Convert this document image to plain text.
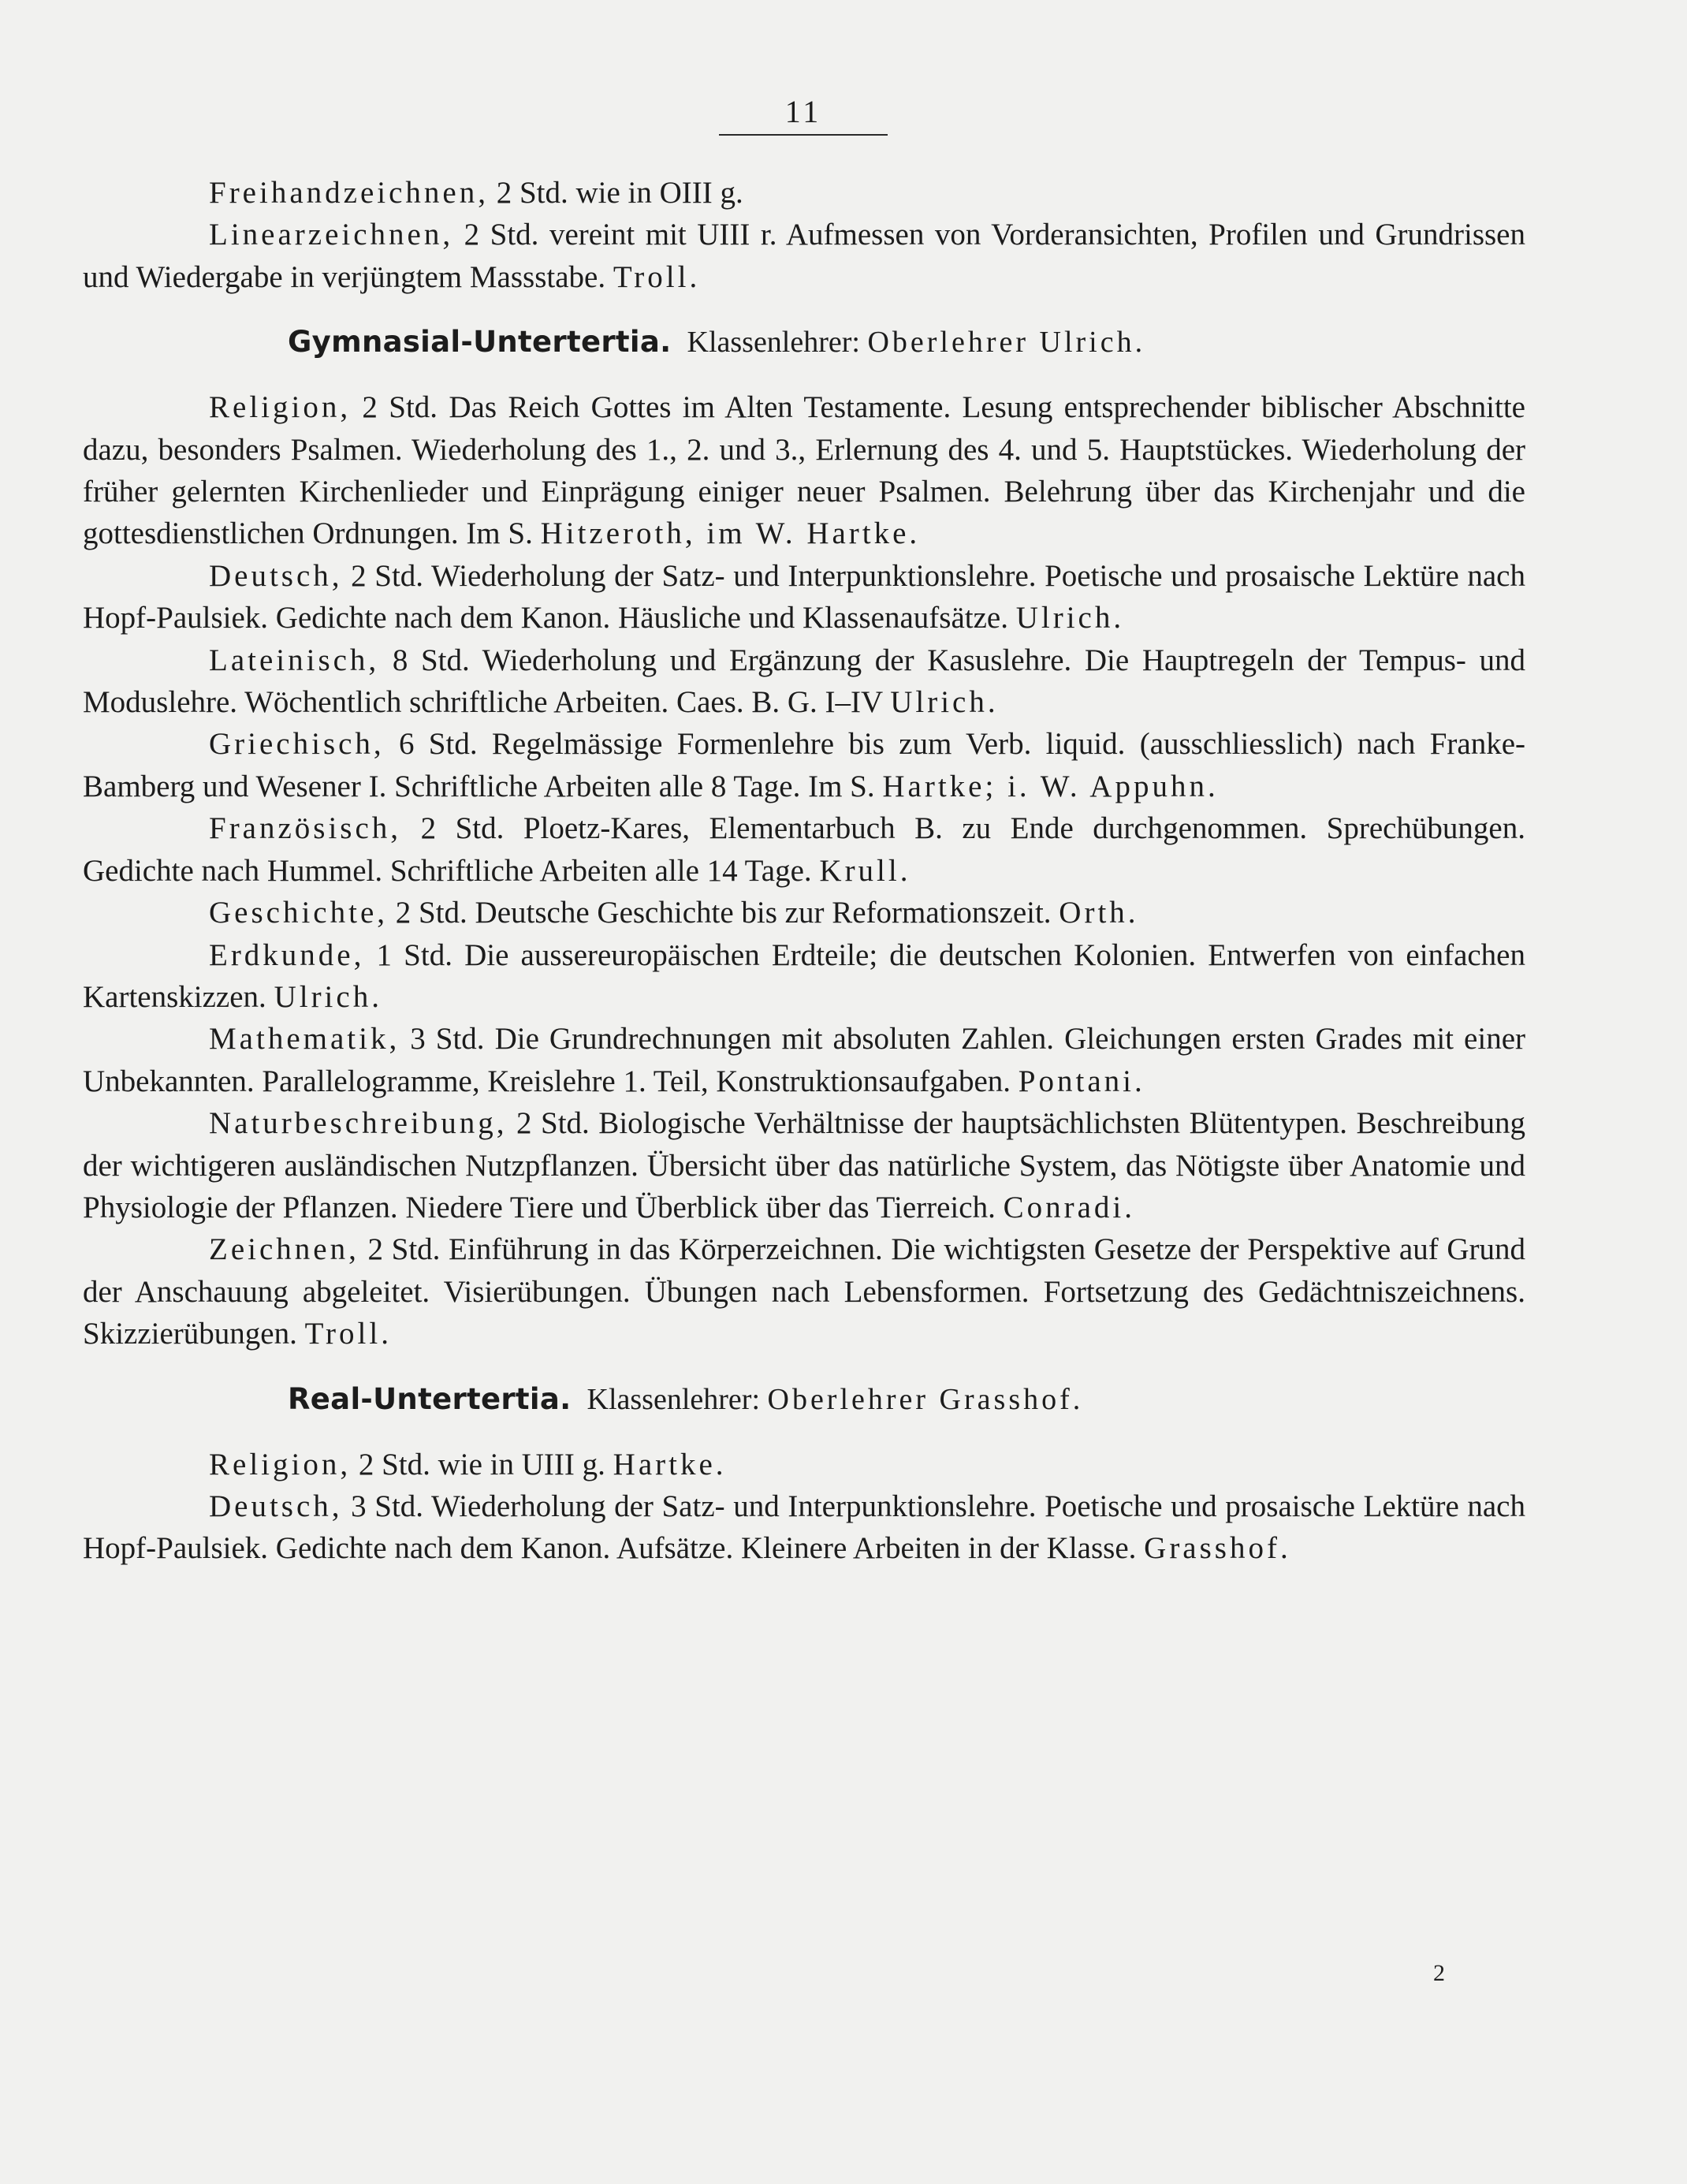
11

Freihandzeichnen, 2 Std. wie in OIII g.

Linearzeichnen, 2 Std. vereint mit UIII r. Aufmessen von Vorderansichten, Profilen und Grundrissen und Wiedergabe in verjüngtem Massstabe. Troll.

Gymnasial-Untertertia. Klassenlehrer: Oberlehrer Ulrich.

Religion, 2 Std. Das Reich Gottes im Alten Testamente. Lesung entsprechender biblischer Abschnitte dazu, besonders Psalmen. Wiederholung des 1., 2. und 3., Erlernung des 4. und 5. Hauptstückes. Wiederholung der früher gelernten Kirchenlieder und Einprägung einiger neuer Psalmen. Belehrung über das Kirchenjahr und die gottesdienstlichen Ordnungen. Im S. Hitzeroth, im W. Hartke.

Deutsch, 2 Std. Wiederholung der Satz- und Interpunktionslehre. Poetische und prosaische Lektüre nach Hopf-Paulsiek. Gedichte nach dem Kanon. Häusliche und Klassenaufsätze. Ulrich.

Lateinisch, 8 Std. Wiederholung und Ergänzung der Kasuslehre. Die Hauptregeln der Tempus- und Moduslehre. Wöchentlich schriftliche Arbeiten. Caes. B. G. I–IV Ulrich.

Griechisch, 6 Std. Regelmässige Formenlehre bis zum Verb. liquid. (ausschliesslich) nach Franke-Bamberg und Wesener I. Schriftliche Arbeiten alle 8 Tage. Im S. Hartke; i. W. Appuhn.

Französisch, 2 Std. Ploetz-Kares, Elementarbuch B. zu Ende durchgenommen. Sprechübungen. Gedichte nach Hummel. Schriftliche Arbeiten alle 14 Tage. Krull.

Geschichte, 2 Std. Deutsche Geschichte bis zur Reformationszeit. Orth.

Erdkunde, 1 Std. Die aussereuropäischen Erdteile; die deutschen Kolonien. Entwerfen von einfachen Kartenskizzen. Ulrich.

Mathematik, 3 Std. Die Grundrechnungen mit absoluten Zahlen. Gleichungen ersten Grades mit einer Unbekannten. Parallelogramme, Kreislehre 1. Teil, Konstruktionsaufgaben. Pontani.

Naturbeschreibung, 2 Std. Biologische Verhältnisse der hauptsächlichsten Blütentypen. Beschreibung der wichtigeren ausländischen Nutzpflanzen. Übersicht über das natürliche System, das Nötigste über Anatomie und Physiologie der Pflanzen. Niedere Tiere und Überblick über das Tierreich. Conradi.

Zeichnen, 2 Std. Einführung in das Körperzeichnen. Die wichtigsten Gesetze der Perspektive auf Grund der Anschauung abgeleitet. Visierübungen. Übungen nach Lebensformen. Fortsetzung des Gedächtniszeichnens. Skizzierübungen. Troll.

Real-Untertertia. Klassenlehrer: Oberlehrer Grasshof.

Religion, 2 Std. wie in UIII g. Hartke.

Deutsch, 3 Std. Wiederholung der Satz- und Interpunktionslehre. Poetische und prosaische Lektüre nach Hopf-Paulsiek. Gedichte nach dem Kanon. Aufsätze. Kleinere Arbeiten in der Klasse. Grasshof.

2
